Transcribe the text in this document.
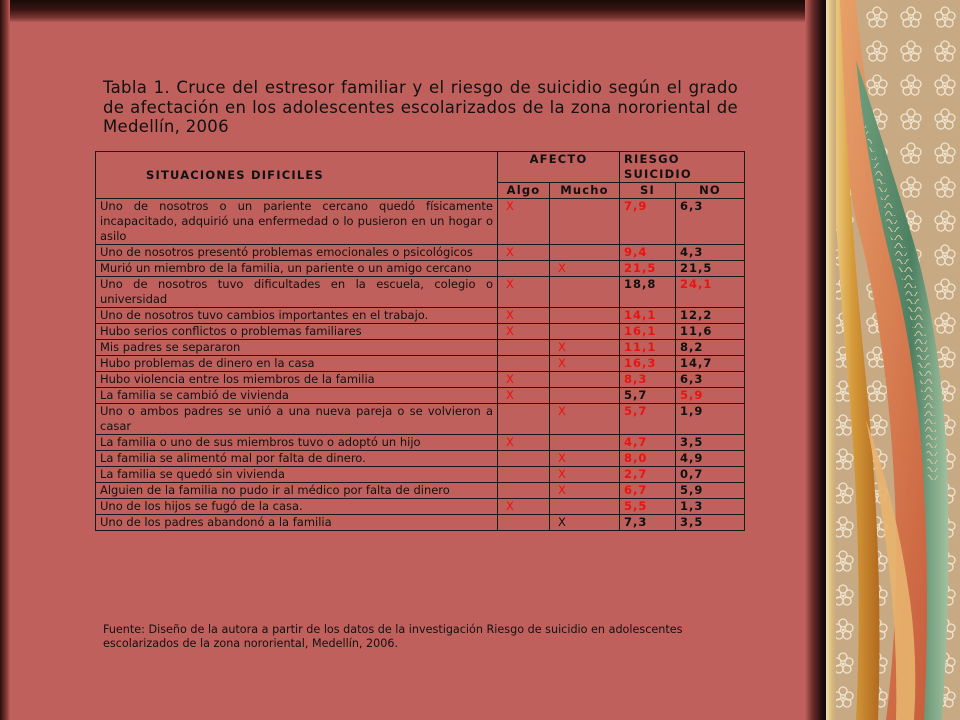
Tabla 1. Cruce del estresor familiar y el riesgo de suicidio según el grado de afectación en los adolescentes escolarizados de la zona nororiental de Medellín, 2006
SITUACIONES DIFICILES	AFECTO		RIESGO SUICIDIO	
	Algo	Mucho	SI	NO
Uno de nosotros o un pariente cercano quedó físicamente incapacitado, adquirió una enfermedad o lo pusieron en un hogar o asilo	X		7,9	6,3
Uno de nosotros presentó problemas emocionales o psicológicos	X		9,4	4,3
Murió un miembro de la familia, un pariente o un amigo cercano		X	21,5	21,5
Uno de nosotros tuvo dificultades en la escuela, colegio o universidad	X		18,8	24,1
Uno de nosotros tuvo cambios importantes en el trabajo.	X		14,1	12,2
Hubo serios conflictos o problemas familiares	X		16,1	11,6
Mis padres se separaron		X	11,1	8,2
Hubo problemas de dinero en la casa		X	16,3	14,7
Hubo violencia entre los miembros de la familia	X		8,3	6,3
La familia se cambió de vivienda	X		5,7	5,9
Uno o ambos padres se unió a una nueva pareja o se volvieron a casar		X	5,7	1,9
La familia o uno de sus miembros tuvo o adoptó un hijo	X		4,7	3,5
La familia se alimentó mal por falta de dinero.		X	8,0	4,9
La familia se quedó sin vivienda		X	2,7	0,7
Alguien de la familia no pudo ir al médico por falta de dinero		X	6,7	5,9
Uno de los hijos se fugó de la casa.	X		5,5	1,3
Uno de los padres abandonó a la familia		X	7,3	3,5
Fuente: Diseño de la autora a partir de los datos de la investigación Riesgo de suicidio en adolescentes escolarizados de la zona nororiental, Medellín, 2006.
